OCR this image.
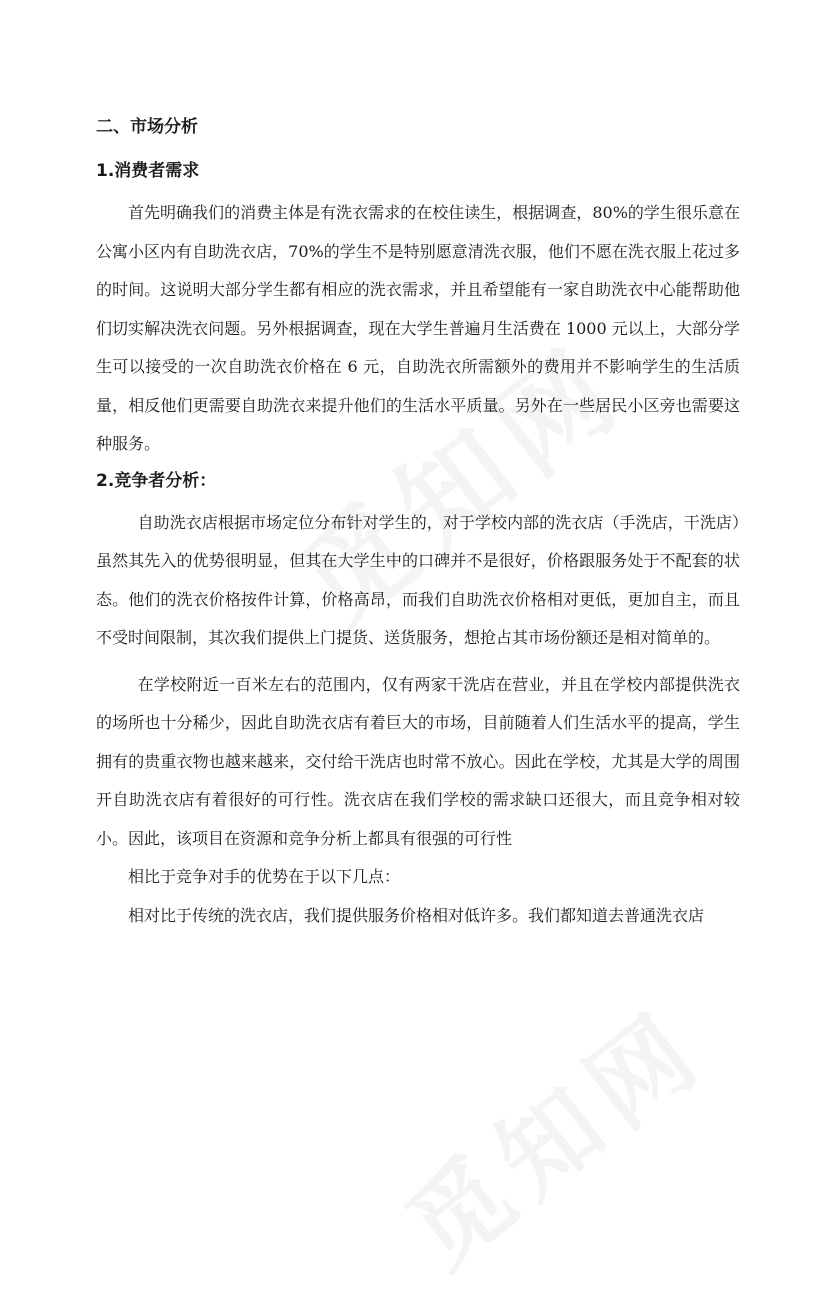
二、市场分析
1.消费者需求

首先明确我们的消费主体是有洗衣需求的在校住读生，根据调查，80%的学生很乐意在公寓小区内有自助洗衣店，70%的学生不是特别愿意清洗衣服，他们不愿在洗衣服上花过多的时间。这说明大部分学生都有相应的洗衣需求，并且希望能有一家自助洗衣中心能帮助他们切实解决洗衣问题。另外根据调查，现在大学生普遍月生活费在 1000 元以上，大部分学生可以接受的一次自助洗衣价格在 6 元，自助洗衣所需额外的费用并不影响学生的生活质量，相反他们更需要自助洗衣来提升他们的生活水平质量。另外在一些居民小区旁也需要这种服务。

2.竞争者分析：

自助洗衣店根据市场定位分布针对学生的，对于学校内部的洗衣店（手洗店，干洗店）虽然其先入的优势很明显，但其在大学生中的口碑并不是很好，价格跟服务处于不配套的状态。他们的洗衣价格按件计算，价格高昂，而我们自助洗衣价格相对更低，更加自主，而且不受时间限制，其次我们提供上门提货、送货服务，想抢占其市场份额还是相对简单的。

在学校附近一百米左右的范围内，仅有两家干洗店在营业，并且在学校内部提供洗衣的场所也十分稀少，因此自助洗衣店有着巨大的市场，目前随着人们生活水平的提高，学生拥有的贵重衣物也越来越来，交付给干洗店也时常不放心。因此在学校，尤其是大学的周围开自助洗衣店有着很好的可行性。洗衣店在我们学校的需求缺口还很大，而且竞争相对较小。因此，该项目在资源和竞争分析上都具有很强的可行性

相比于竞争对手的优势在于以下几点：

相对比于传统的洗衣店，我们提供服务价格相对低许多。我们都知道去普通洗衣店
